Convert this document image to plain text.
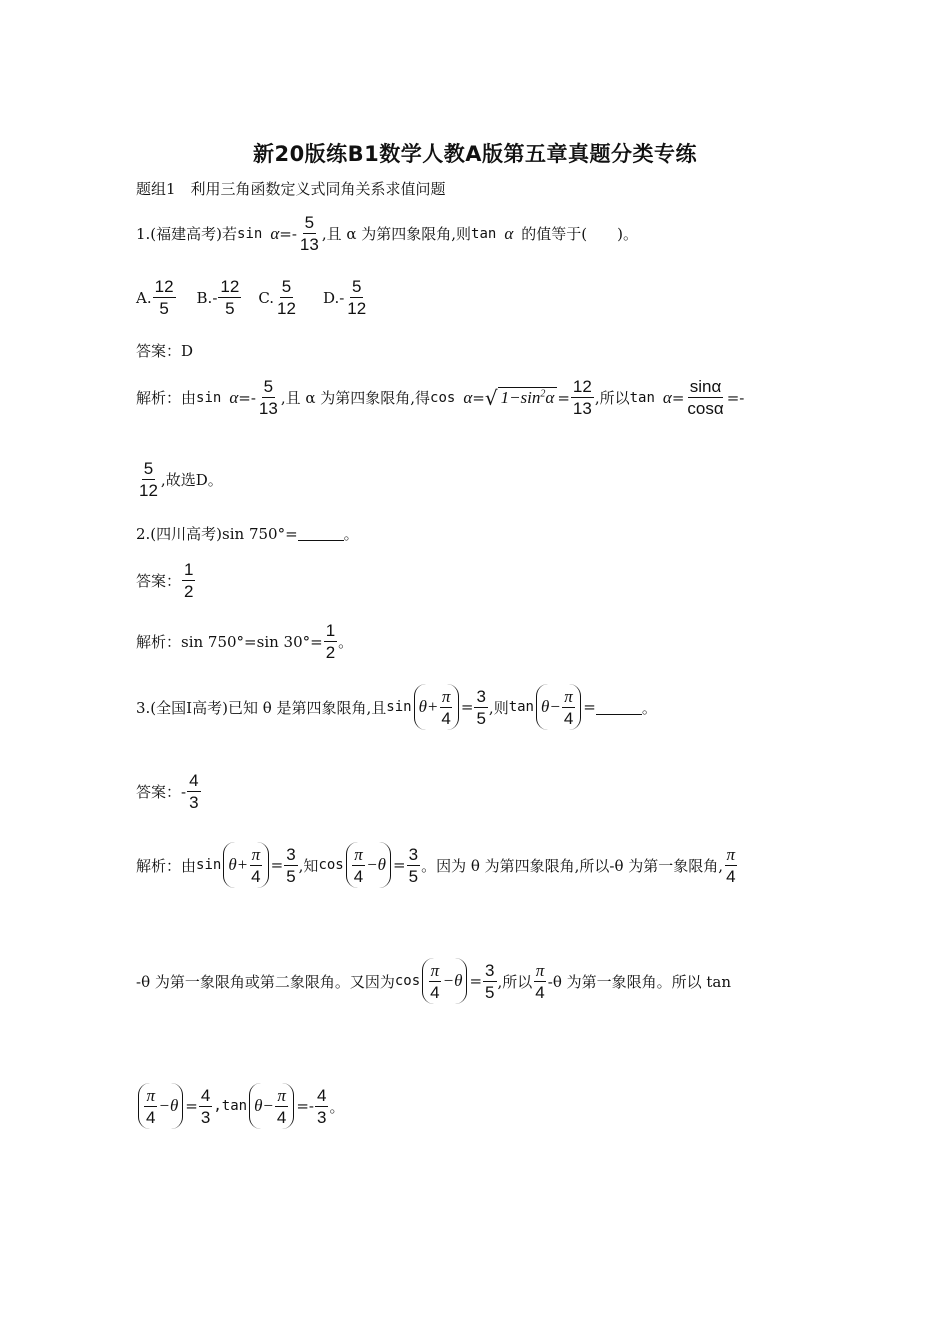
新20版练B1数学人教A版第五章真题分类专练
题组1　利用三角函数定义式同角关系求值问题
1.(福建高考)若 $\sin \alpha =- \frac{5}{13}$ ,且 α 为第四象限角,则 tan α 的值等于(　　)。
A. $\frac{12}{5} B.- \frac{12}{5} C$. $\frac{5}{12} D.- \frac{5}{12}$
答案：D
解析：由 $\sin \alpha =- \frac{5}{13}$ ,且 α 为第四象限角,得 cos α = √ $1-\sin^2\alpha = \frac{12}{13}$ ,所以 $\tan \alpha = \frac{\sin\alpha}{\cos\alpha}$ =-
$\frac{5}{12}$ ,故选D。
2.(四川高考)sin 750°=	。
答案： $\frac{1}{2}$
解析：sin 750°=sin $30^\circ= \frac{1}{2}$ 。
3.(全国Ⅰ高考)已知 θ 是第四象限角,且 $\sin \theta+ \frac{\pi}{4} = \frac{3}{5}$ ,则 $\tan \theta- \frac{\pi}{4}$ =	。
答案：- $\frac{4}{3}$
解析：由 $\sin \theta+ \frac{\pi}{4} = \frac{3}{5}$ ,知 $\cos \frac{\pi}{4} -\theta = \frac{3}{5}$ 。因为 θ 为第四象限角,所以-θ 为第一象限角, $\frac{\pi}{4}$
-θ 为第一象限角或第二象限角。又因为 $\cos \frac{\pi}{4} -\theta = \frac{3}{5}$ ,所以 $\frac{\pi}{4} -\theta$ 为第一象限角。所以 tan
$\frac{\pi}{4} -\theta = \frac{4}{3} ,\tan$ $\theta- \frac{\pi}{4} =- \frac{4}{3}$ 。
